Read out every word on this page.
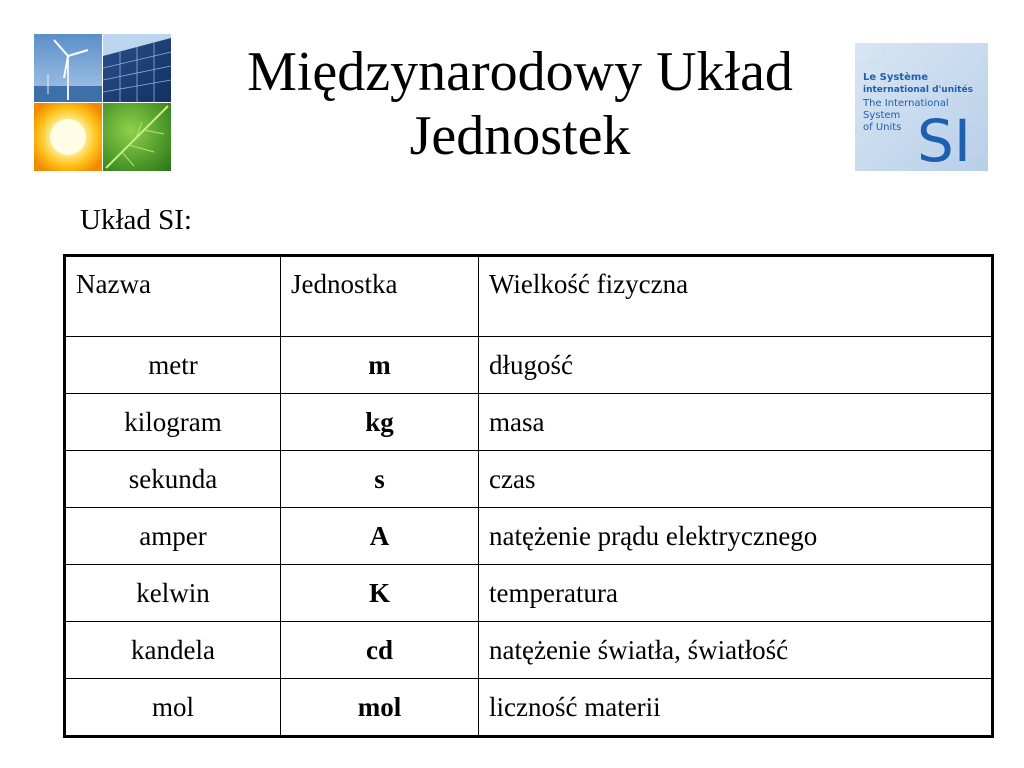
Międzynarodowy Układ
Jednostek
Le Système
international d'unités
The International
System
of Units SI
Układ SI:
Nazwa	Jednostka	Wielkość fizyczna
metr	m	długość
kilogram	kg	masa
sekunda	s	czas
amper	A	natężenie prądu elektrycznego
kelwin	K	temperatura
kandela	cd	natężenie światła, światłość
mol	mol	liczność materii
